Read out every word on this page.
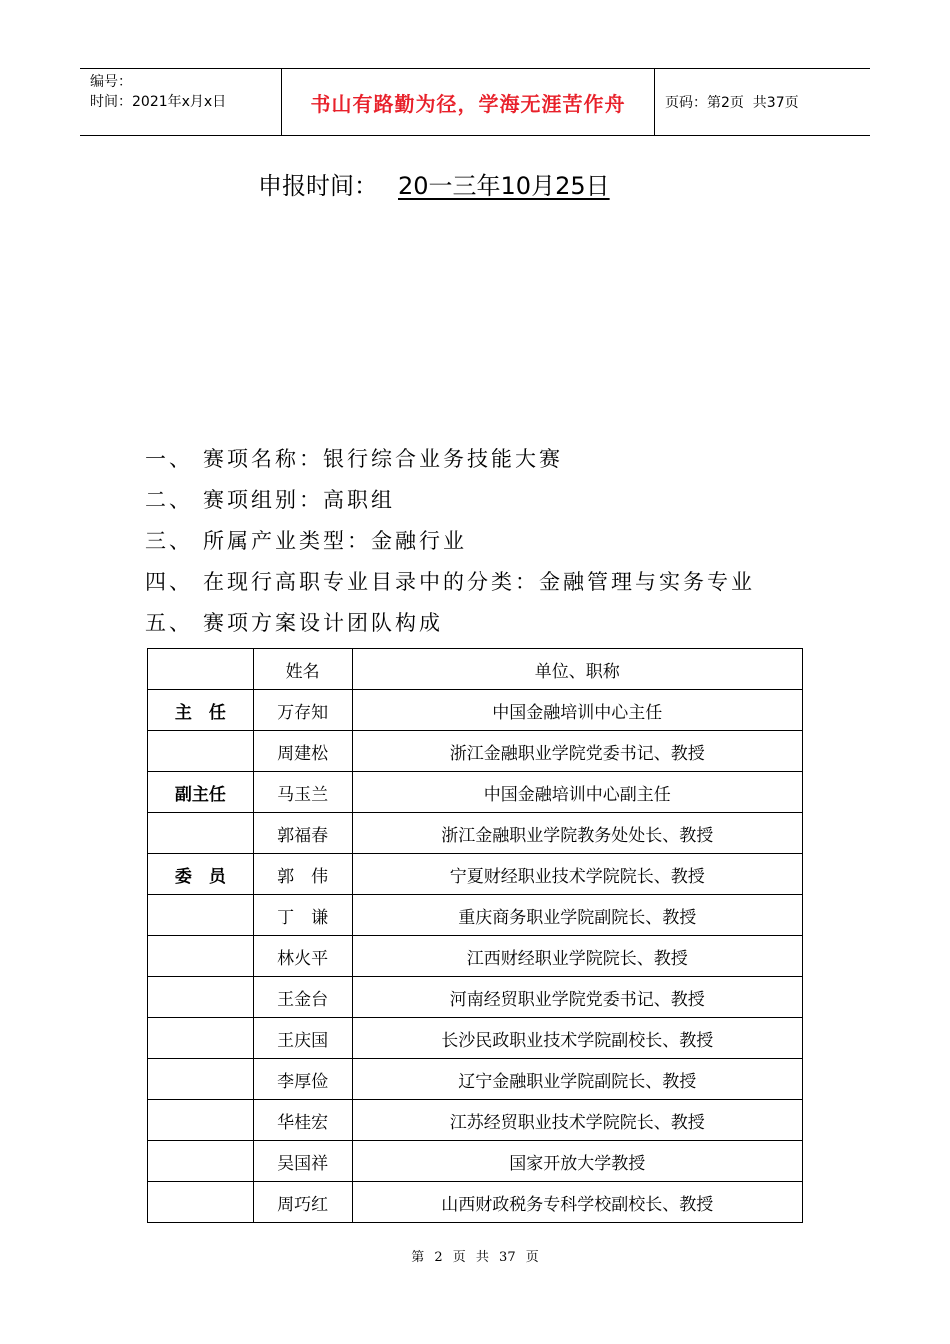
编号：
时间：2021年x月x日	书山有路勤为径，学海无涯苦作舟	页码：第2页  共37页
申报时间： 20一三年10月25日
一、 赛项名称：银行综合业务技能大赛
二、 赛项组别：高职组
三、 所属产业类型：金融行业
四、 在现行高职专业目录中的分类：金融管理与实务专业
五、 赛项方案设计团队构成
	姓名	单位、职称
主　任	万存知	中国金融培训中心主任
	周建松	浙江金融职业学院党委书记、教授
副主任	马玉兰	中国金融培训中心副主任
	郭福春	浙江金融职业学院教务处处长、教授
委　员	郭　伟	宁夏财经职业技术学院院长、教授
	丁　谦	重庆商务职业学院副院长、教授
	林火平	江西财经职业学院院长、教授
	王金台	河南经贸职业学院党委书记、教授
	王庆国	长沙民政职业技术学院副校长、教授
	李厚俭	辽宁金融职业学院副院长、教授
	华桂宏	江苏经贸职业技术学院院长、教授
	吴国祥	国家开放大学教授
	周巧红	山西财政税务专科学校副校长、教授
第 2 页 共 37 页
